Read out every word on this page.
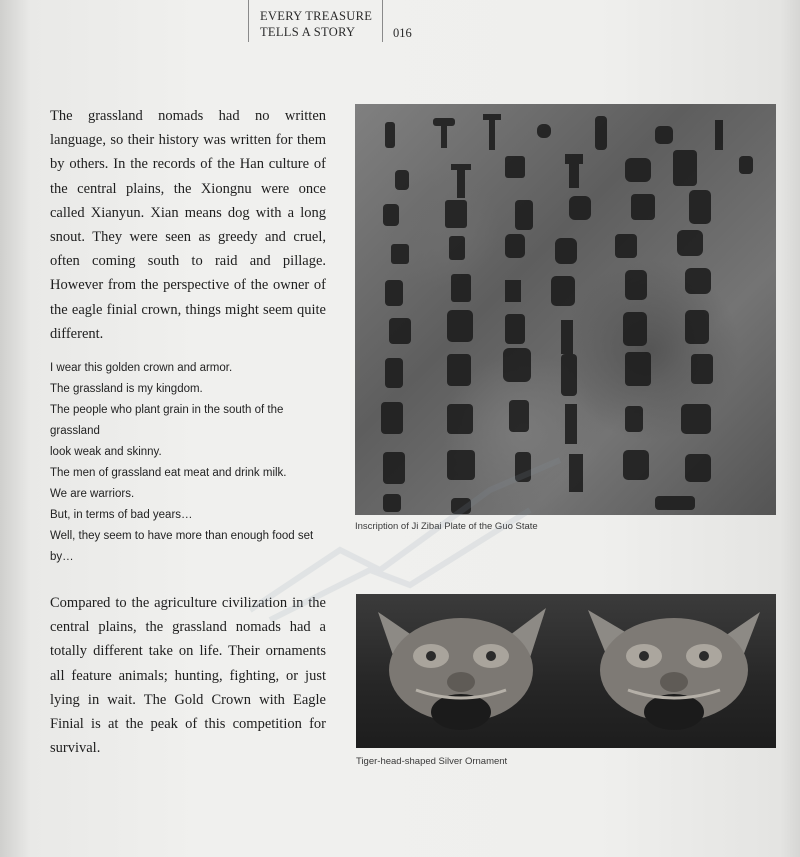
EVERY TREASURE
TELLS A STORY	016

The grassland nomads had no written language, so their history was written for them by others. In the records of the Han culture of the central plains, the Xiongnu were once called Xianyun. Xian means dog with a long snout. They were seen as greedy and cruel, often coming south to raid and pillage. However from the perspective of the owner of the eagle finial crown, things might seem quite different.

I wear this golden crown and armor.
The grassland is my kingdom.
The people who plant grain in the south of the grassland
look weak and skinny.
The men of grassland eat meat and drink milk.
We are warriors.
But, in terms of bad years…
Well, they seem to have more than enough food set by…

Compared to the agriculture civilization in the central plains, the grassland nomads had a totally different take on life. Their ornaments all feature animals; hunting, fighting, or just lying in wait. The Gold Crown with Eagle Finial is at the peak of this competition for survival.

Inscription of Ji Zibai Plate of the Guo State
Tiger-head-shaped Silver Ornament
